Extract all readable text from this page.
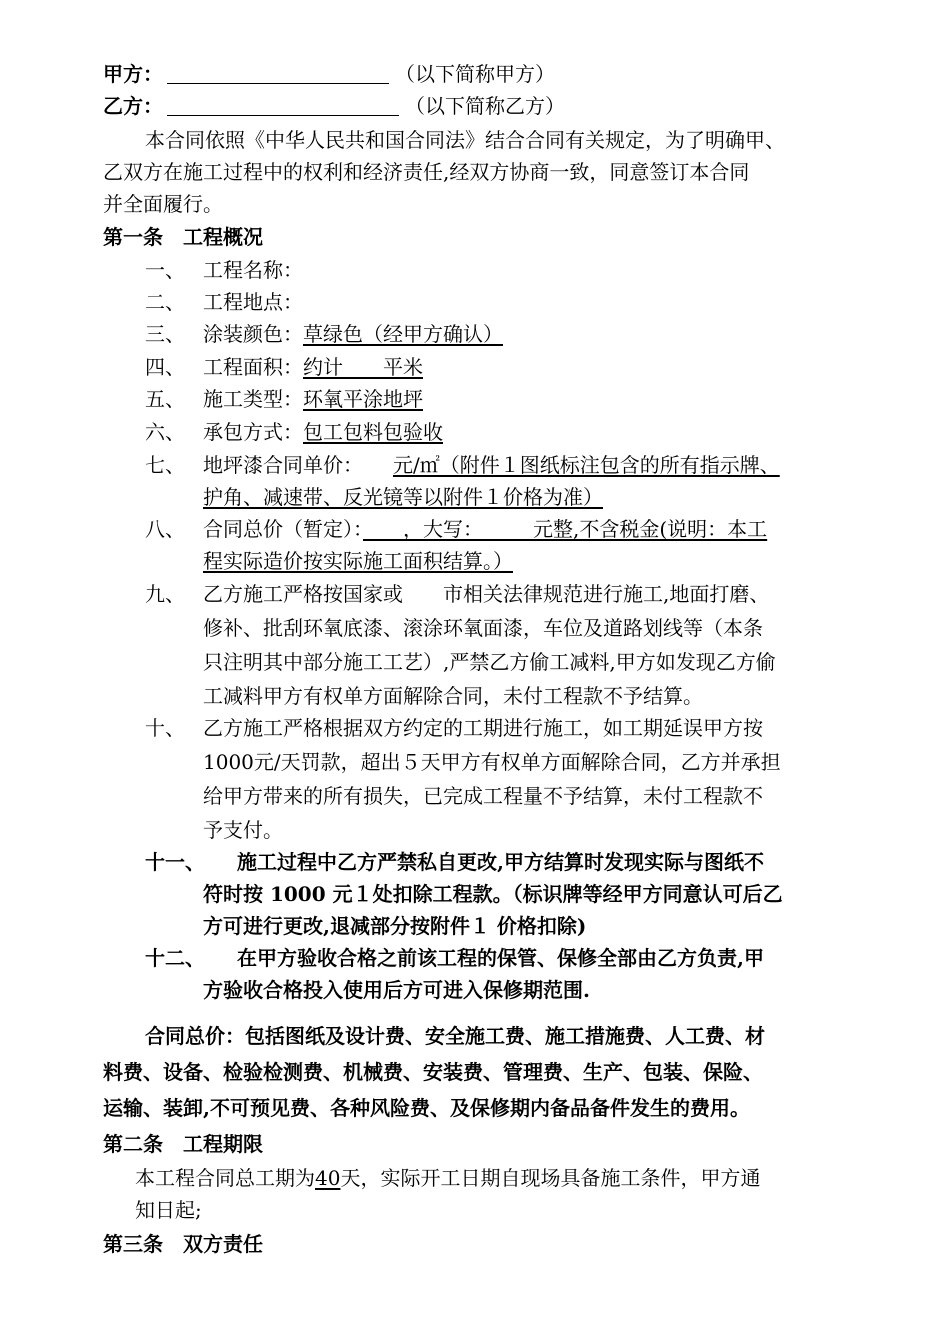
甲方：	（以下简称甲方）
乙方：	（以下简称乙方）
本合同依照《中华人民共和国合同法》结合合同有关规定，为了明确甲、
乙双方在施工过程中的权利和经济责任,经双方协商一致，同意签订本合同
并全面履行。
第一条　工程概况
一、 工程名称：
二、 工程地点：
三、 涂装颜色：草绿色（经甲方确认）
四、 工程面积：约计　　平米
五、 施工类型：环氧平涂地坪
六、 承包方式：包工包料包验收
七、 地坪漆合同单价： 元/㎡（附件１图纸标注包含的所有指示牌、
护角、减速带、反光镜等以附件１价格为准）
八、 合同总价（暂定）：　　，大写：　　　元整,不含税金(说明：本工
程实际造价按实际施工面积结算。）
九、 乙方施工严格按国家或　　市相关法律规范进行施工,地面打磨、
修补、批刮环氧底漆、滚涂环氧面漆，车位及道路划线等（本条
只注明其中部分施工工艺）,严禁乙方偷工减料,甲方如发现乙方偷
工减料甲方有权单方面解除合同，未付工程款不予结算。
十、 乙方施工严格根据双方约定的工期进行施工，如工期延误甲方按
1000元/天罚款，超出５天甲方有权单方面解除合同，乙方并承担
给甲方带来的所有损失，已完成工程量不予结算，未付工程款不
予支付。
十一、 施工过程中乙方严禁私自更改,甲方结算时发现实际与图纸不
符时按 1000 元１处扣除工程款。（标识牌等经甲方同意认可后乙
方可进行更改,退减部分按附件１ 价格扣除)
十二、 在甲方验收合格之前该工程的保管、保修全部由乙方负责,甲
方验收合格投入使用后方可进入保修期范围.
合同总价：包括图纸及设计费、安全施工费、施工措施费、人工费、材
料费、设备、检验检测费、机械费、安装费、管理费、生产、包装、保险、
运输、装卸,不可预见费、各种风险费、及保修期内备品备件发生的费用。
第二条　工程期限
本工程合同总工期为40天，实际开工日期自现场具备施工条件，甲方通
知日起;
第三条　双方责任
